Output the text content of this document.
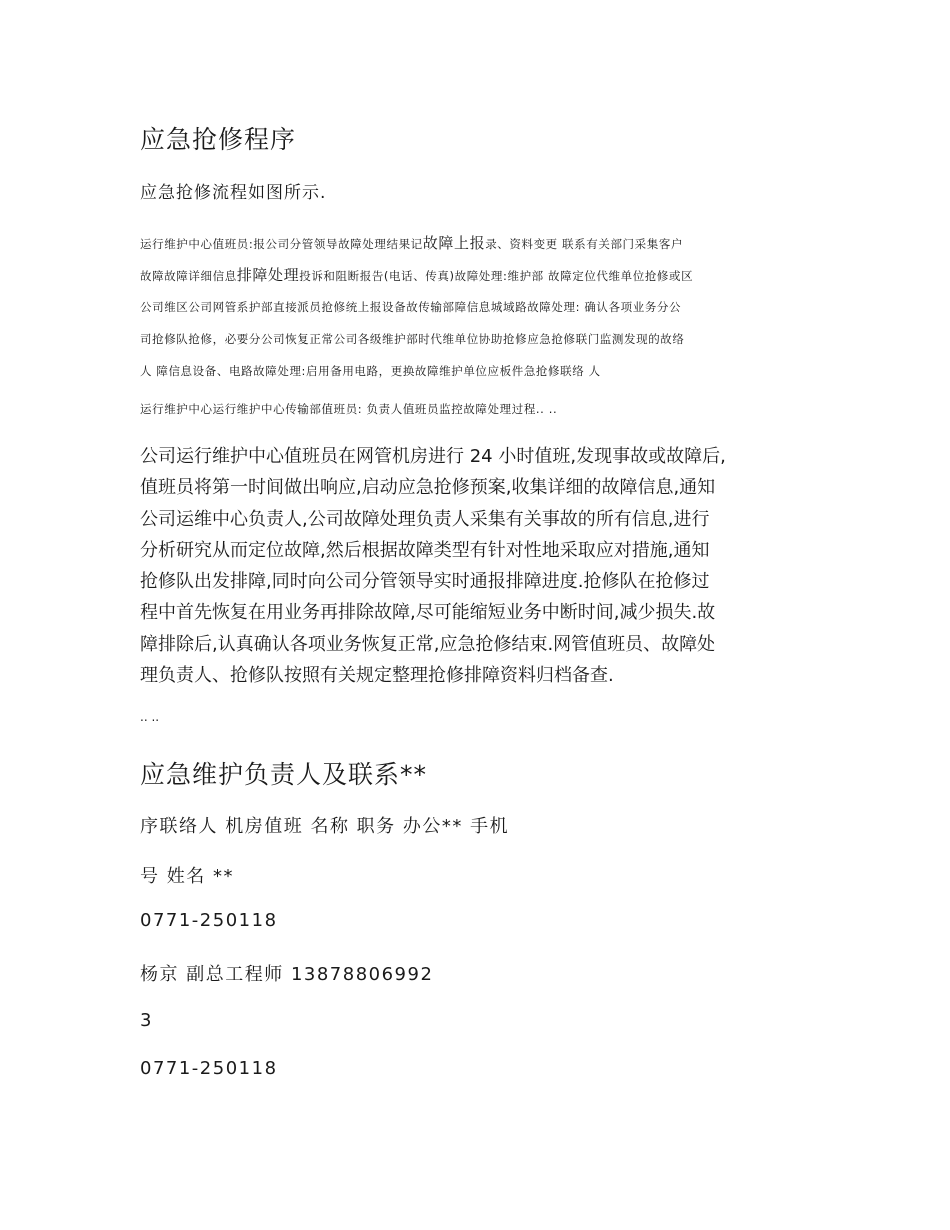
应急抢修程序
应急抢修流程如图所示.
运行维护中心值班员:报公司分管领导故障处理结果记故障上报录、资料变更 联系有关部门采集客户
故障故障详细信息排障处理投诉和阻断报告(电话、传真)故障处理:维护部 故障定位代维单位抢修或区
公司维区公司网管系护部直接派员抢修统上报设备故传输部障信息城域路故障处理: 确认各项业务分公
司抢修队抢修，必要分公司恢复正常公司各级维护部时代维单位协助抢修应急抢修联门监测发现的故络
人 障信息设备、电路故障处理:启用备用电路，更换故障维护单位应板件急抢修联络 人
运行维护中心运行维护中心传输部值班员: 负责人值班员监控故障处理过程.. ..
公司运行维护中心值班员在网管机房进行 24 小时值班,发现事故或故障后,
值班员将第一时间做出响应,启动应急抢修预案,收集详细的故障信息,通知
公司运维中心负责人,公司故障处理负责人采集有关事故的所有信息,进行
分析研究从而定位故障,然后根据故障类型有针对性地采取应对措施,通知
抢修队出发排障,同时向公司分管领导实时通报排障进度.抢修队在抢修过
程中首先恢复在用业务再排除故障,尽可能缩短业务中断时间,减少损失.故
障排除后,认真确认各项业务恢复正常,应急抢修结束.网管值班员、故障处
理负责人、抢修队按照有关规定整理抢修排障资料归档备查.
.. ..
应急维护负责人及联系**
序联络人 机房值班 名称 职务 办公** 手机
号 姓名 **
0771-250118
杨京 副总工程师 13878806992
3
0771-250118
